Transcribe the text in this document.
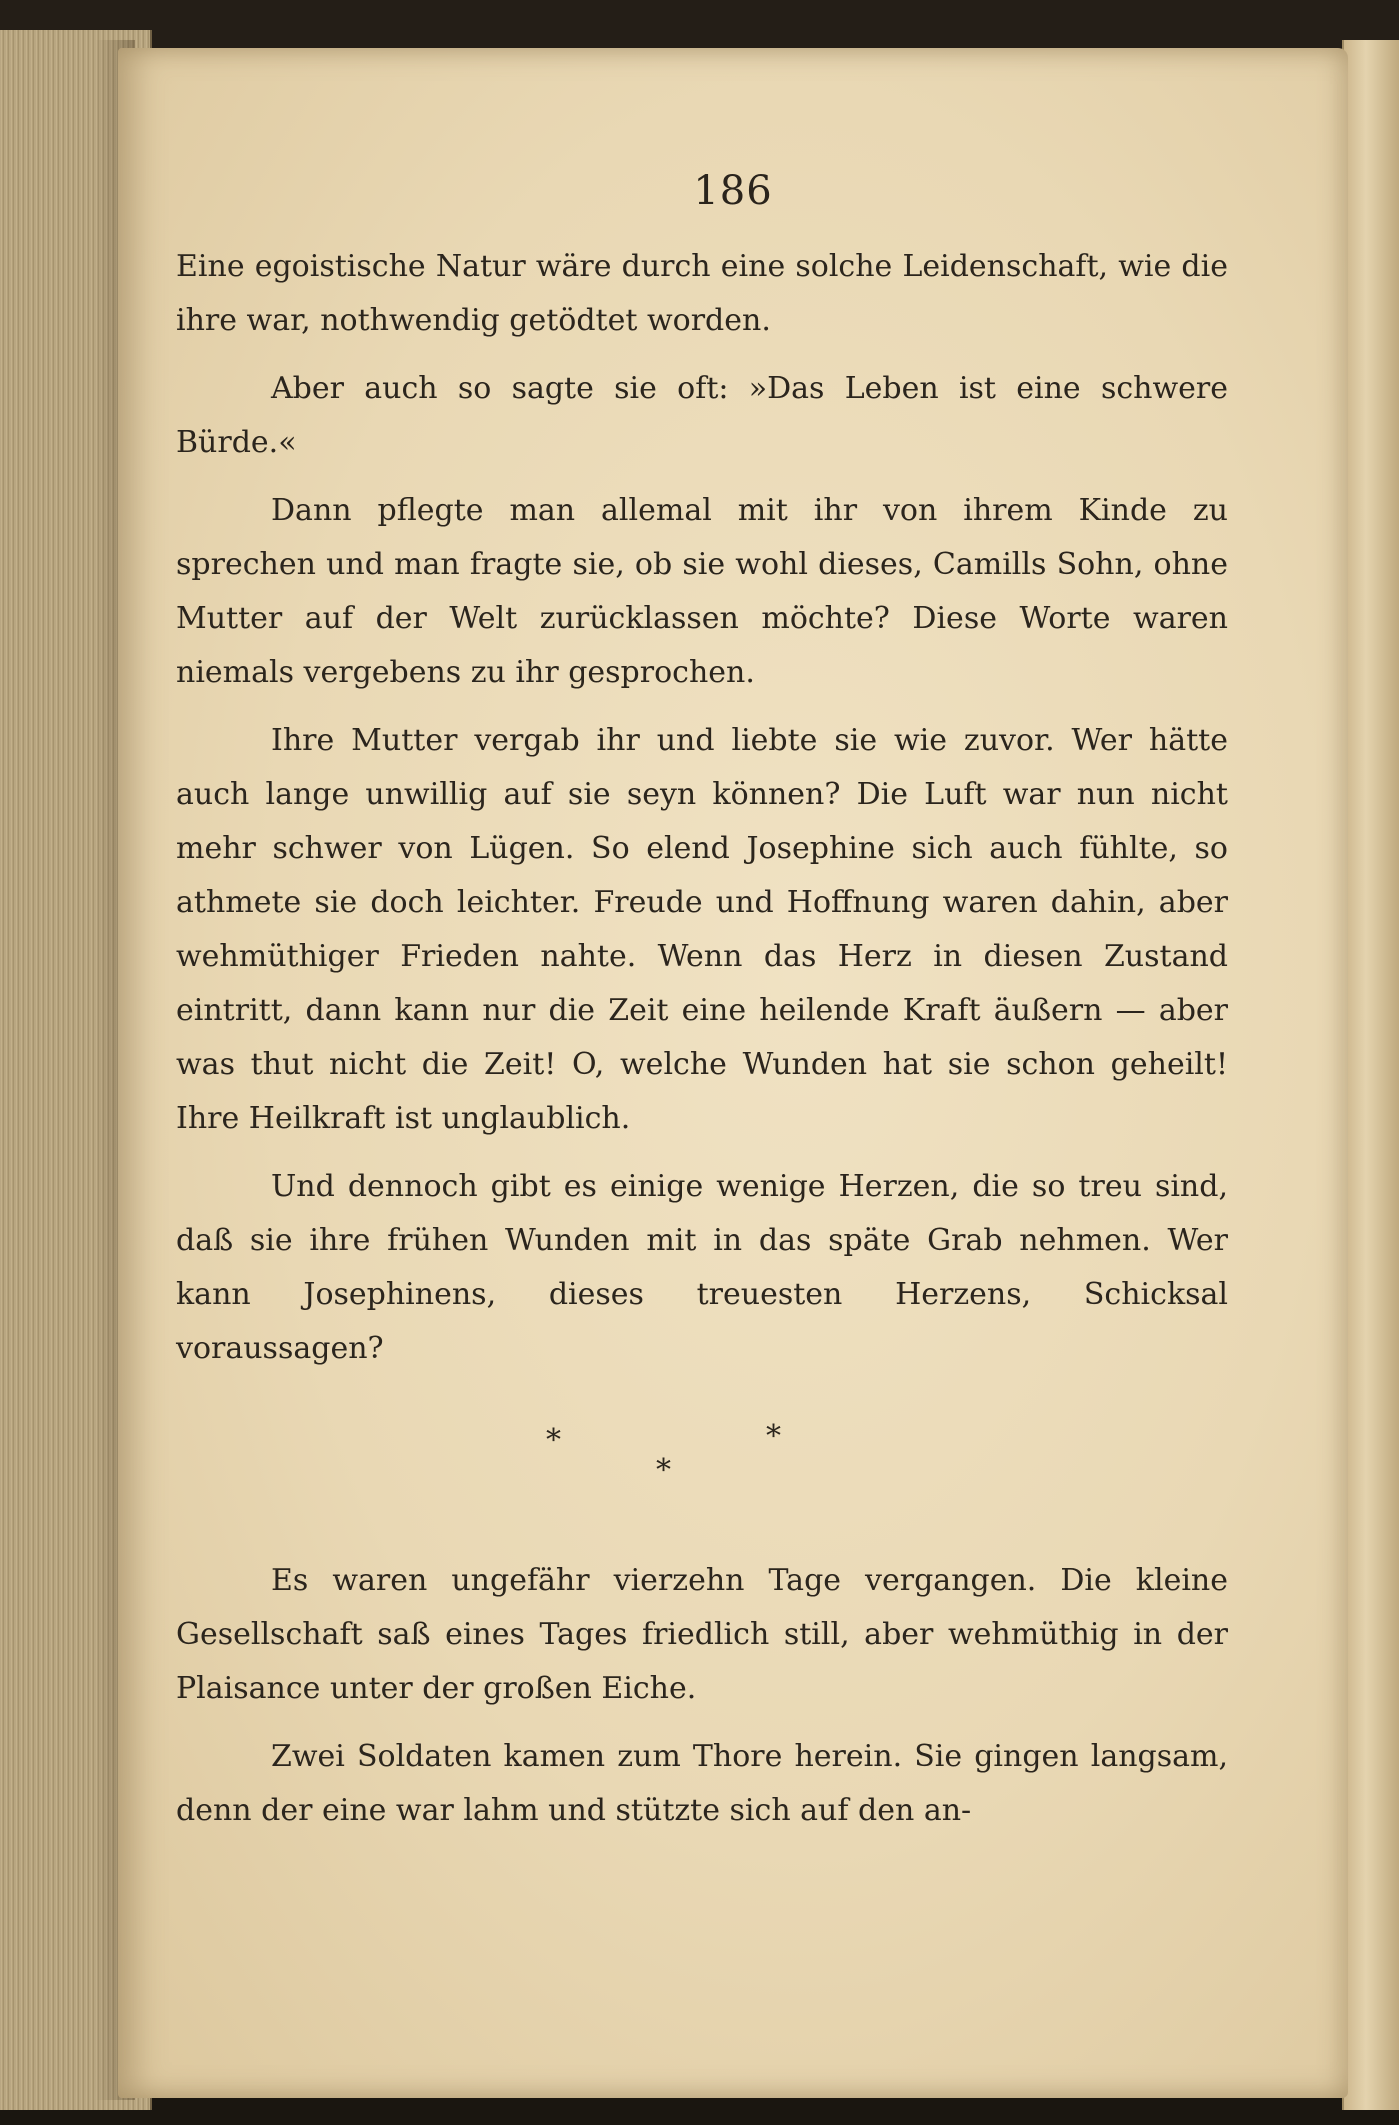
186

Eine egoistische Natur wäre durch eine solche Leidenschaft, wie die ihre war, nothwendig getödtet worden.

Aber auch so sagte sie oft: »Das Leben ist eine schwere Bürde.«

Dann pflegte man allemal mit ihr von ihrem Kinde zu sprechen und man fragte sie, ob sie wohl dieses, Camills Sohn, ohne Mutter auf der Welt zurücklassen möchte? Diese Worte waren niemals vergebens zu ihr gesprochen.

Ihre Mutter vergab ihr und liebte sie wie zuvor. Wer hätte auch lange unwillig auf sie seyn können? Die Luft war nun nicht mehr schwer von Lügen. So elend Josephine sich auch fühlte, so athmete sie doch leichter. Freude und Hoffnung waren dahin, aber wehmüthiger Frieden nahte. Wenn das Herz in diesen Zustand eintritt, dann kann nur die Zeit eine heilende Kraft äußern — aber was thut nicht die Zeit! O, welche Wunden hat sie schon geheilt! Ihre Heilkraft ist unglaublich.

Und dennoch gibt es einige wenige Herzen, die so treu sind, daß sie ihre frühen Wunden mit in das späte Grab nehmen. Wer kann Josephinens, dieses treuesten Herzens, Schicksal voraussagen?

*
*
*

Es waren ungefähr vierzehn Tage vergangen. Die kleine Gesellschaft saß eines Tages friedlich still, aber wehmüthig in der Plaisance unter der großen Eiche.

Zwei Soldaten kamen zum Thore herein. Sie gingen langsam, denn der eine war lahm und stützte sich auf den an-
